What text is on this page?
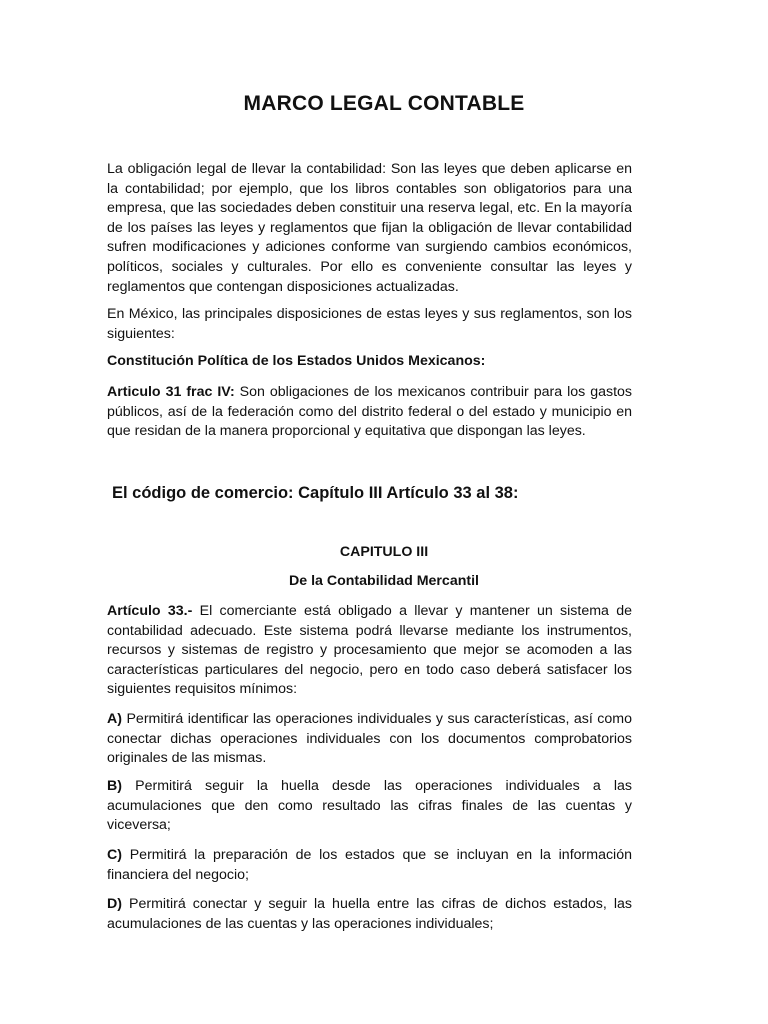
MARCO LEGAL CONTABLE
La obligación legal de llevar la contabilidad: Son las leyes que deben aplicarse en la contabilidad; por ejemplo, que los libros contables son obligatorios para una empresa, que las sociedades deben constituir una reserva legal, etc. En la mayoría de los países las leyes y reglamentos que fijan la obligación de llevar contabilidad sufren modificaciones y adiciones conforme van surgiendo cambios económicos, políticos, sociales y culturales. Por ello es conveniente consultar las leyes y reglamentos que contengan disposiciones actualizadas.
En México, las principales disposiciones de estas leyes y sus reglamentos, son los siguientes:
Constitución Política de los Estados Unidos Mexicanos:
Articulo 31 frac IV: Son obligaciones de los mexicanos contribuir para los gastos públicos, así de la federación como del distrito federal o del estado y municipio en que residan de la manera proporcional y equitativa que dispongan las leyes.
El código de comercio: Capítulo III Artículo 33 al 38:
CAPITULO III
De la Contabilidad Mercantil
Artículo 33.- El comerciante está obligado a llevar y mantener un sistema de contabilidad adecuado. Este sistema podrá llevarse mediante los instrumentos, recursos y sistemas de registro y procesamiento que mejor se acomoden a las características particulares del negocio, pero en todo caso deberá satisfacer los siguientes requisitos mínimos:
A) Permitirá identificar las operaciones individuales y sus características, así como conectar dichas operaciones individuales con los documentos comprobatorios originales de las mismas.
B) Permitirá seguir la huella desde las operaciones individuales a las acumulaciones que den como resultado las cifras finales de las cuentas y viceversa;
C) Permitirá la preparación de los estados que se incluyan en la información financiera del negocio;
D) Permitirá conectar y seguir la huella entre las cifras de dichos estados, las acumulaciones de las cuentas y las operaciones individuales;
